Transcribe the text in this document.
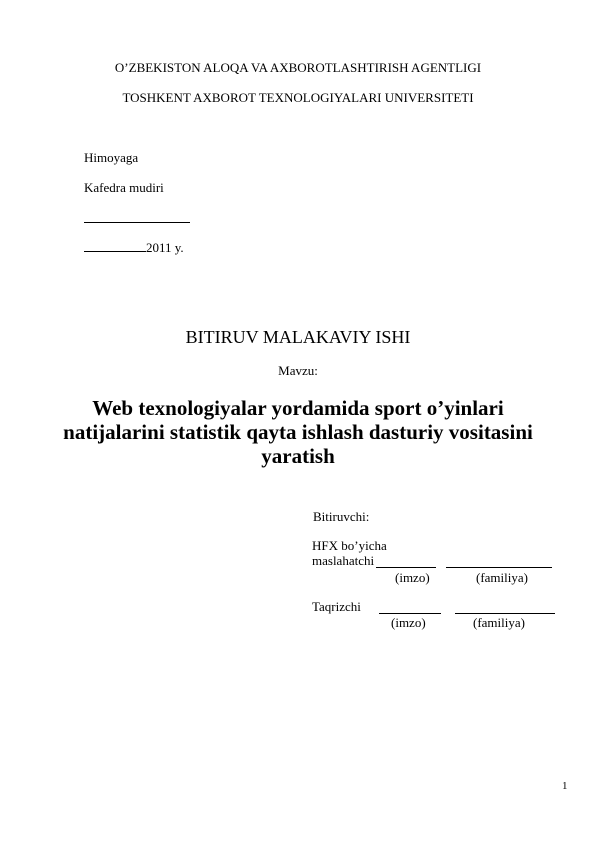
O’ZBEKISTON ALOQA VA AXBOROTLASHTIRISH AGENTLIGI
TOSHKENT AXBOROT TEXNOLOGIYALARI UNIVERSITETI
Himoyaga
Kafedra mudiri
2011 y.
BITIRUV MALAKAVIY ISHI
Mavzu:
Web texnologiyalar yordamida sport o’yinlari natijalarini statistik qayta ishlash dasturiy vositasini yaratish
Bitiruvchi:
HFX bo’yicha
maslahatchi
(imzo)	(familiya)
Taqrizchi
(imzo)	(familiya)
1
